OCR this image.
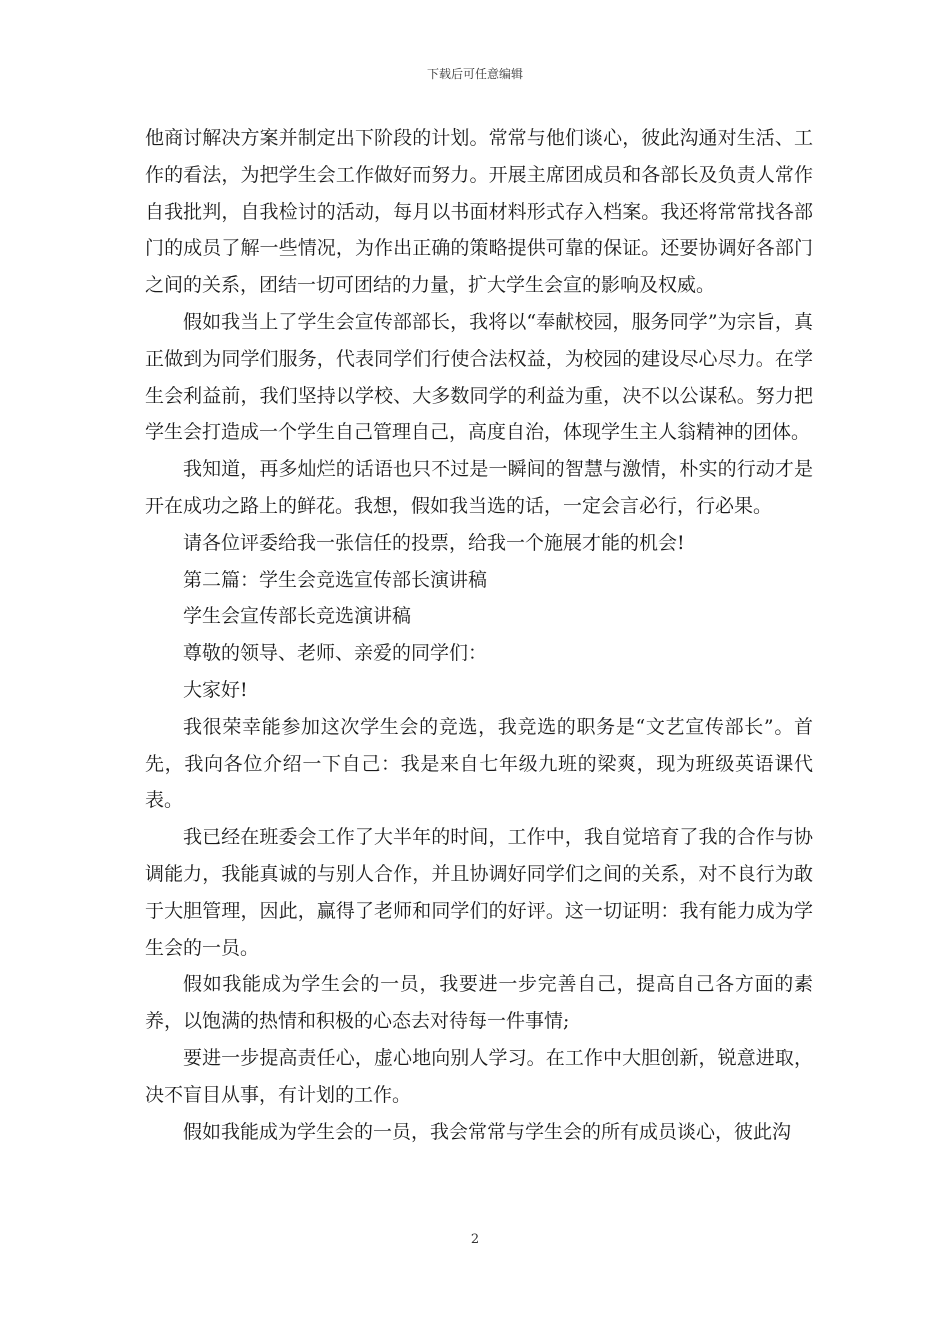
下载后可任意编辑

他商讨解决方案并制定出下阶段的计划。常常与他们谈心，彼此沟通对生活、工作的看法，为把学生会工作做好而努力。开展主席团成员和各部长及负责人常作自我批判，自我检讨的活动，每月以书面材料形式存入档案。我还将常常找各部门的成员了解一些情况，为作出正确的策略提供可靠的保证。还要协调好各部门之间的关系，团结一切可团结的力量，扩大学生会宣的影响及权威。

假如我当上了学生会宣传部部长，我将以“奉献校园，服务同学”为宗旨，真正做到为同学们服务，代表同学们行使合法权益，为校园的建设尽心尽力。在学生会利益前，我们坚持以学校、大多数同学的利益为重，决不以公谋私。努力把学生会打造成一个学生自己管理自己，高度自治，体现学生主人翁精神的团体。

我知道，再多灿烂的话语也只不过是一瞬间的智慧与激情，朴实的行动才是开在成功之路上的鲜花。我想，假如我当选的话，一定会言必行，行必果。

请各位评委给我一张信任的投票，给我一个施展才能的机会!

第二篇：学生会竞选宣传部长演讲稿

学生会宣传部长竞选演讲稿

尊敬的领导、老师、亲爱的同学们：

大家好!

我很荣幸能参加这次学生会的竞选，我竞选的职务是“文艺宣传部长”。首先，我向各位介绍一下自己：我是来自七年级九班的梁爽，现为班级英语课代表。

我已经在班委会工作了大半年的时间，工作中，我自觉培育了我的合作与协调能力，我能真诚的与别人合作，并且协调好同学们之间的关系，对不良行为敢于大胆管理，因此，赢得了老师和同学们的好评。这一切证明：我有能力成为学生会的一员。

假如我能成为学生会的一员，我要进一步完善自己，提高自己各方面的素养，以饱满的热情和积极的心态去对待每一件事情;

要进一步提高责任心，虚心地向别人学习。在工作中大胆创新，锐意进取，决不盲目从事，有计划的工作。

假如我能成为学生会的一员，我会常常与学生会的所有成员谈心，彼此沟

2
